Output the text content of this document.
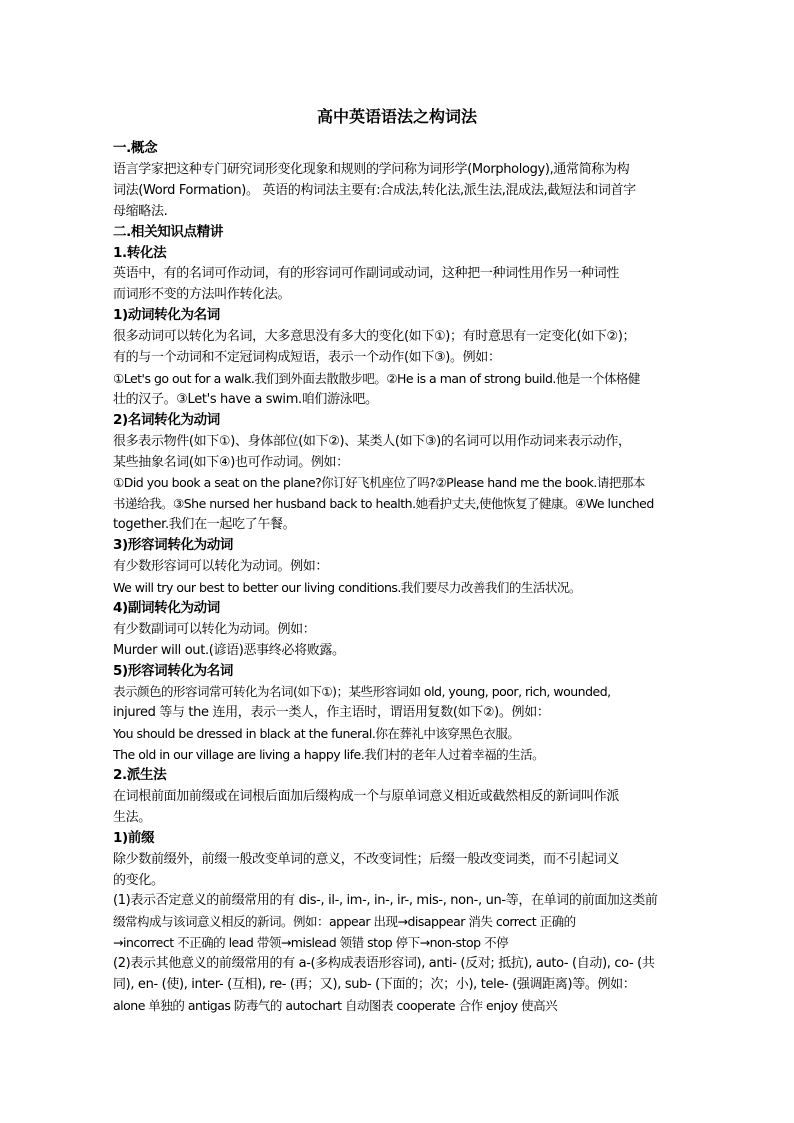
高中英语语法之构词法
一.概念
语言学家把这种专门研究词形变化现象和规则的学问称为词形学(Morphology),通常简称为构
词法(Word Formation)。 英语的构词法主要有:合成法,转化法,派生法,混成法,截短法和词首字
母缩略法.
二.相关知识点精讲
1.转化法
英语中，有的名词可作动词，有的形容词可作副词或动词，这种把一种词性用作另一种词性
而词形不变的方法叫作转化法。
1)动词转化为名词
很多动词可以转化为名词，大多意思没有多大的变化(如下①)；有时意思有一定变化(如下②)；
有的与一个动词和不定冠词构成短语，表示一个动作(如下③)。例如：
①Let's go out for a walk.我们到外面去散散步吧。②He is a man of strong build.他是一个体格健
壮的汉子。③Let's have a swim.咱们游泳吧。
2)名词转化为动词
很多表示物件(如下①)、身体部位(如下②)、某类人(如下③)的名词可以用作动词来表示动作，
某些抽象名词(如下④)也可作动词。例如：
①Did you book a seat on the plane?你订好飞机座位了吗?②Please hand me the book.请把那本
书递给我。③She nursed her husband back to health.她看护丈夫,使他恢复了健康。④We lunched
together.我们在一起吃了午餐。
3)形容词转化为动词
有少数形容词可以转化为动词。例如：
We will try our best to better our living conditions.我们要尽力改善我们的生活状况。
4)副词转化为动词
有少数副词可以转化为动词。例如：
Murder will out.(谚语)恶事终必将败露。
5)形容词转化为名词
表示颜色的形容词常可转化为名词(如下①)；某些形容词如 old, young, poor, rich, wounded,
injured 等与 the 连用，表示一类人，作主语时，谓语用复数(如下②)。例如：
You should be dressed in black at the funeral.你在葬礼中该穿黑色衣服。
The old in our village are living a happy life.我们村的老年人过着幸福的生活。
2.派生法
在词根前面加前缀或在词根后面加后缀构成一个与原单词意义相近或截然相反的新词叫作派
生法。
1)前缀
除少数前缀外，前缀一般改变单词的意义，不改变词性；后缀一般改变词类，而不引起词义
的变化。
(1)表示否定意义的前缀常用的有 dis-, il-, im-, in-, ir-, mis-, non-, un-等，在单词的前面加这类前
缀常构成与该词意义相反的新词。例如：appear 出现→disappear 消失 correct 正确的
→incorrect 不正确的 lead 带领→mislead 领错 stop 停下→non-stop 不停
(2)表示其他意义的前缀常用的有 a-(多构成表语形容词), anti- (反对; 抵抗), auto- (自动), co- (共
同), en- (使), inter- (互相), re- (再；又), sub- (下面的；次；小), tele- (强调距离)等。例如：
alone 单独的 antigas 防毒气的 autochart 自动图表 cooperate 合作 enjoy 使高兴
